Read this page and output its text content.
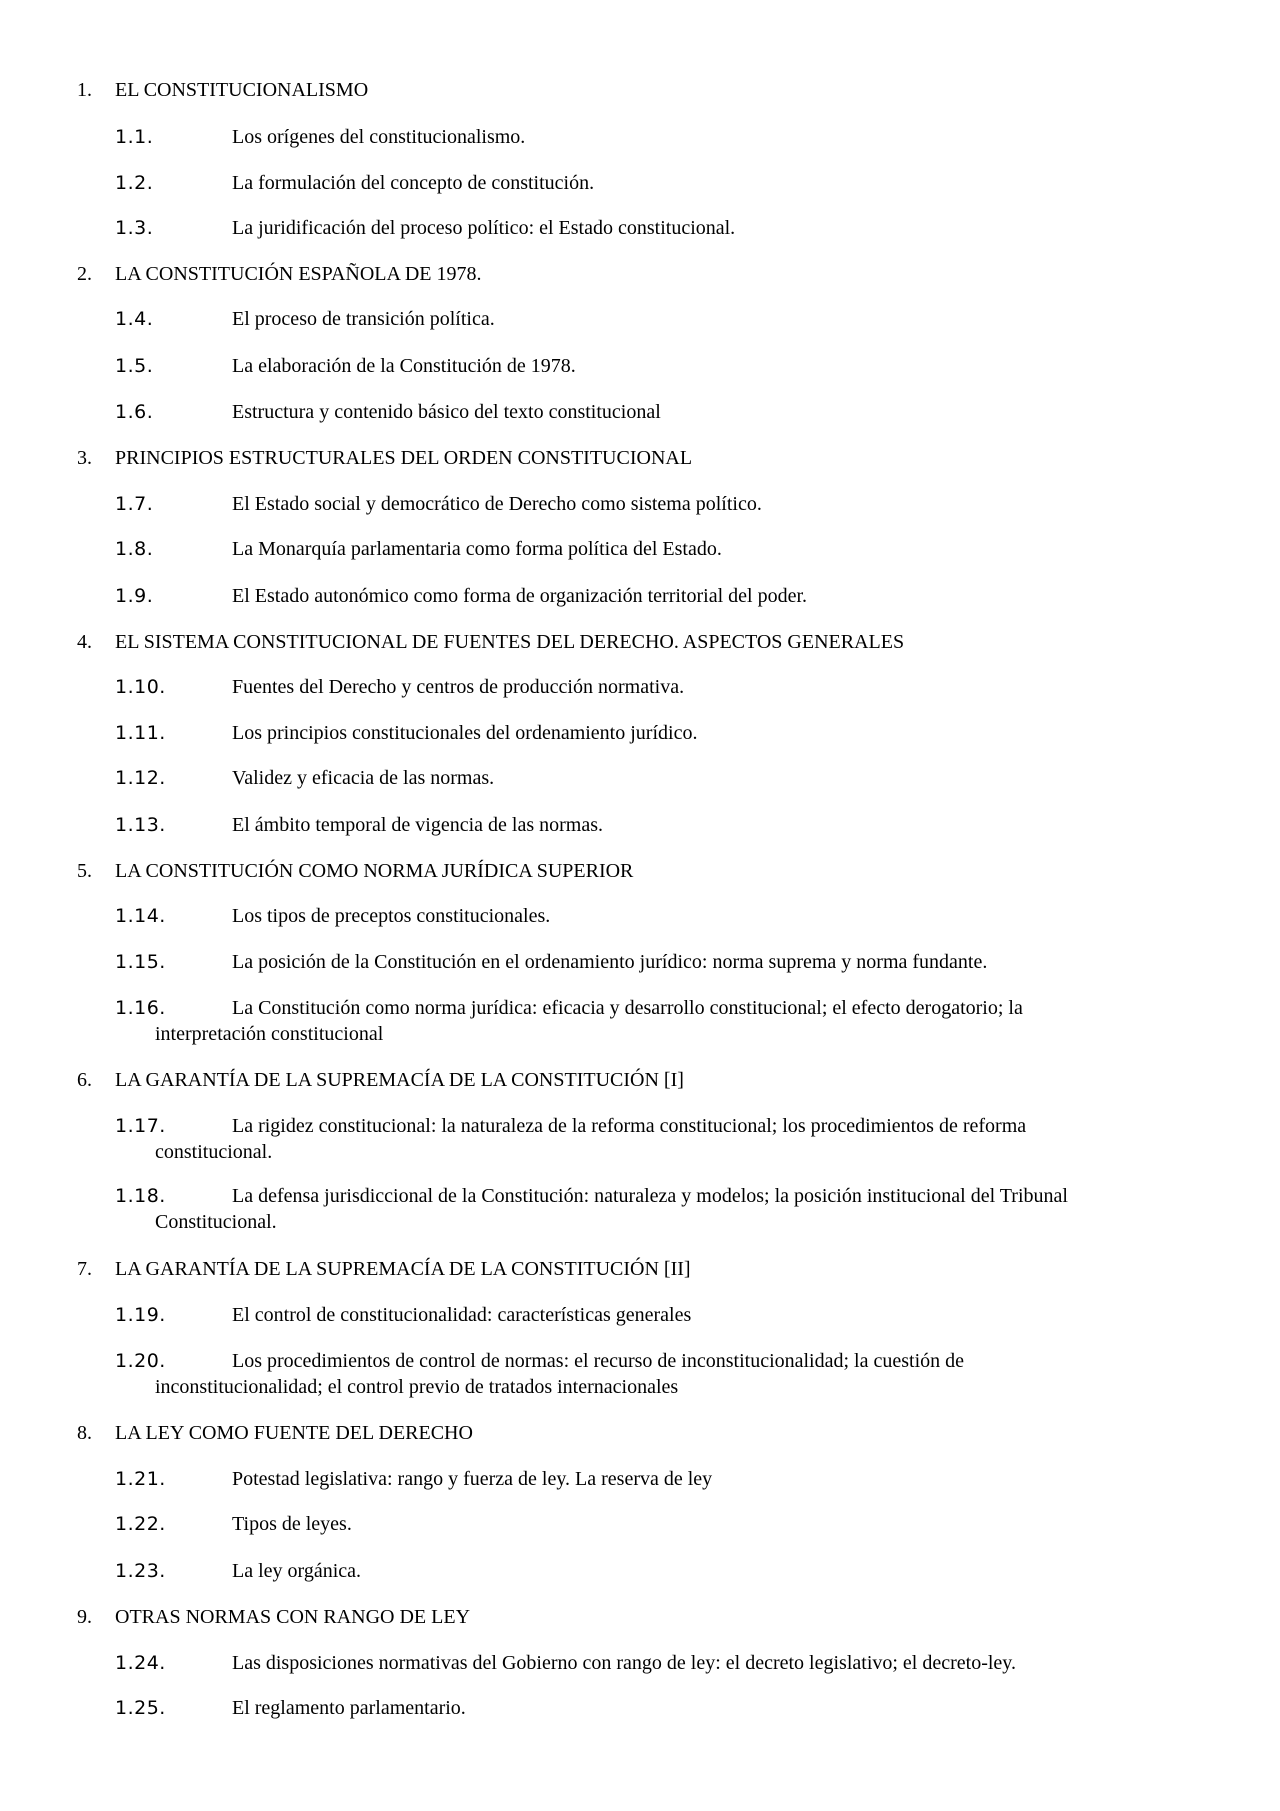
1. EL CONSTITUCIONALISMO
1.1.	Los orígenes del constitucionalismo.
1.2.	La formulación del concepto de constitución.
1.3.	La juridificación del proceso político: el Estado constitucional.
2. LA CONSTITUCIÓN ESPAÑOLA DE 1978.
1.4.	El proceso de transición política.
1.5.	La elaboración de la Constitución de 1978.
1.6.	Estructura y contenido básico del texto constitucional
3. PRINCIPIOS ESTRUCTURALES DEL ORDEN CONSTITUCIONAL
1.7.	El Estado social y democrático de Derecho como sistema político.
1.8.	La Monarquía parlamentaria como forma política del Estado.
1.9.	El Estado autonómico como forma de organización territorial del poder.
4. EL SISTEMA CONSTITUCIONAL DE FUENTES DEL DERECHO. ASPECTOS GENERALES
1.10.	Fuentes del Derecho y centros de producción normativa.
1.11.	Los principios constitucionales del ordenamiento jurídico.
1.12.	Validez y eficacia de las normas.
1.13.	El ámbito temporal de vigencia de las normas.
5. LA CONSTITUCIÓN COMO NORMA JURÍDICA SUPERIOR
1.14.	Los tipos de preceptos constitucionales.
1.15.	La posición de la Constitución en el ordenamiento jurídico: norma suprema y norma fundante.
1.16.	La Constitución como norma jurídica: eficacia y desarrollo constitucional; el efecto derogatorio; la
interpretación constitucional
6. LA GARANTÍA DE LA SUPREMACÍA DE LA CONSTITUCIÓN [I]
1.17.	La rigidez constitucional: la naturaleza de la reforma constitucional; los procedimientos de reforma
constitucional.
1.18.	La defensa jurisdiccional de la Constitución: naturaleza y modelos; la posición institucional del Tribunal
Constitucional.
7. LA GARANTÍA DE LA SUPREMACÍA DE LA CONSTITUCIÓN [II]
1.19.	El control de constitucionalidad: características generales
1.20.	Los procedimientos de control de normas: el recurso de inconstitucionalidad; la cuestión de
inconstitucionalidad; el control previo de tratados internacionales
8. LA LEY COMO FUENTE DEL DERECHO
1.21.	Potestad legislativa: rango y fuerza de ley. La reserva de ley
1.22.	Tipos de leyes.
1.23.	La ley orgánica.
9. OTRAS NORMAS CON RANGO DE LEY
1.24.	Las disposiciones normativas del Gobierno con rango de ley: el decreto legislativo; el decreto-ley.
1.25.	El reglamento parlamentario.
